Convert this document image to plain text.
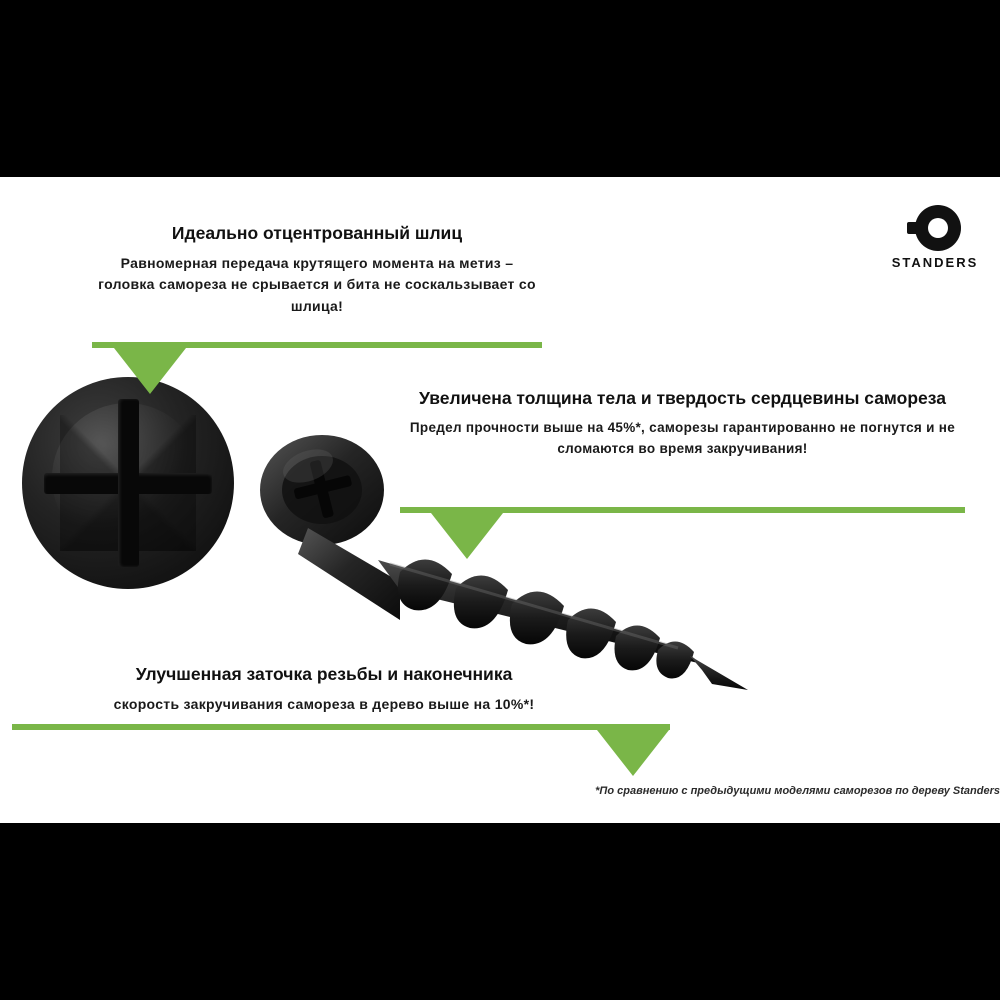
STANDERS

Идеально отцентрованный шлиц

Равномерная передача крутящего момента на метиз – головка самореза не срывается и бита не соскальзывает со шлица!

Увеличена толщина тела и твердость сердцевины самореза

Предел прочности выше на 45%*, саморезы гарантированно не погнутся и не сломаются во время закручивания!

Улучшенная заточка резьбы и наконечника

скорость закручивания самореза в дерево выше на 10%*!

*По сравнению с предыдущими моделями саморезов по дереву Standers
